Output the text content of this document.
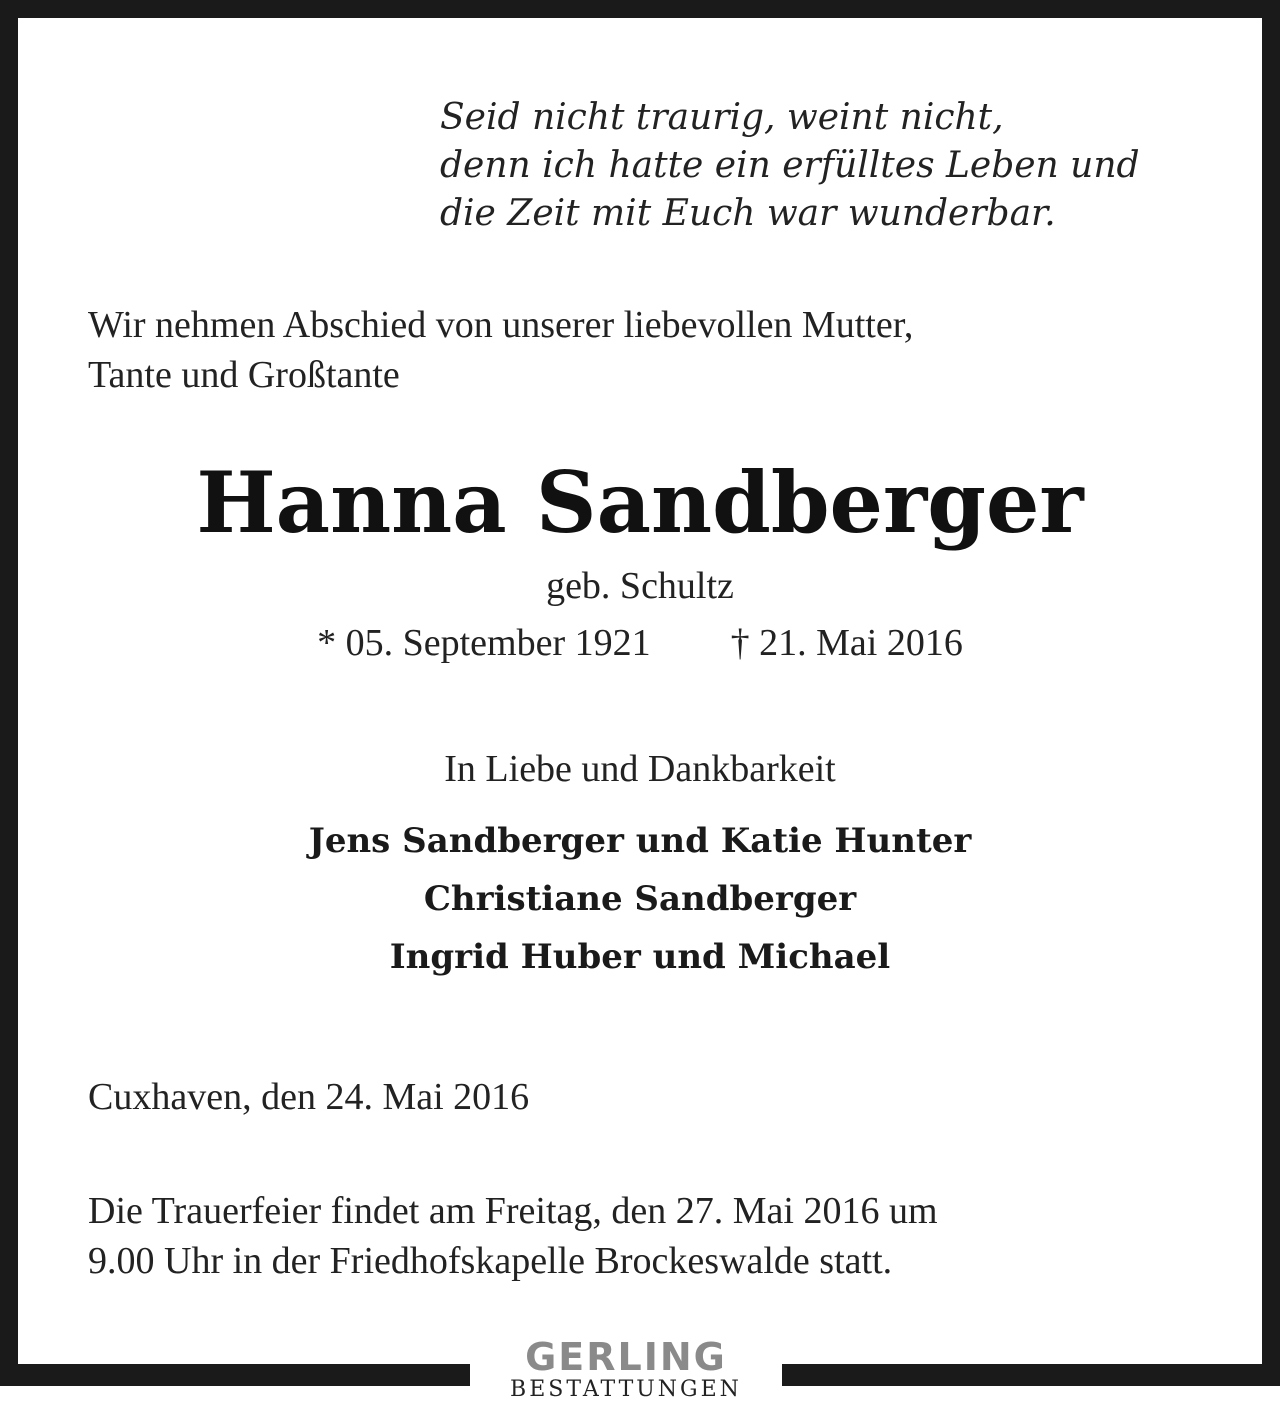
Seid nicht traurig, weint nicht,
denn ich hatte ein erfülltes Leben und
die Zeit mit Euch war wunderbar.
Wir nehmen Abschied von unserer liebevollen Mutter,
Tante und Großtante
Hanna Sandberger
geb. Schultz
* 05. September 1921 † 21. Mai 2016
In Liebe und Dankbarkeit
Jens Sandberger und Katie Hunter
Christiane Sandberger
Ingrid Huber und Michael
Cuxhaven, den 24. Mai 2016
Die Trauerfeier findet am Freitag, den 27. Mai 2016 um
9.00 Uhr in der Friedhofskapelle Brockeswalde statt.
GERLING
BESTATTUNGEN
